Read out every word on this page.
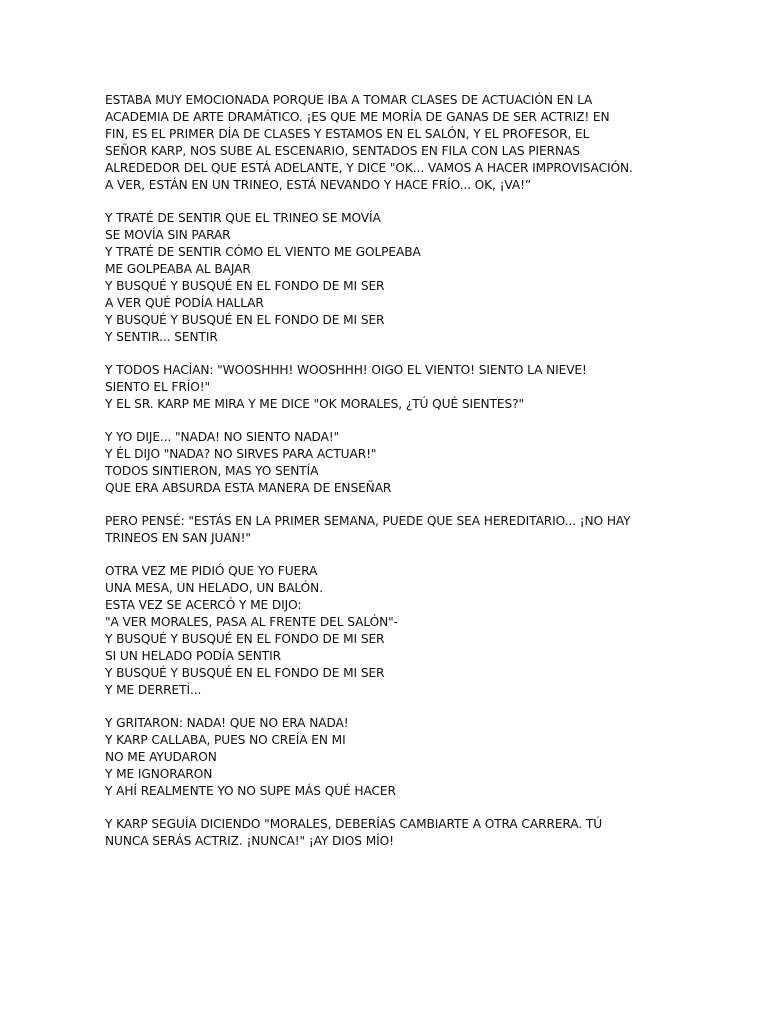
ESTABA MUY EMOCIONADA PORQUE IBA A TOMAR CLASES DE ACTUACIÓN EN LA
ACADEMIA DE ARTE DRAMÁTICO. ¡ES QUE ME MORÍA DE GANAS DE SER ACTRIZ! EN
FIN, ES EL PRIMER DÍA DE CLASES Y ESTAMOS EN EL SALÓN, Y EL PROFESOR, EL
SEÑOR KARP, NOS SUBE AL ESCENARIO, SENTADOS EN FILA CON LAS PIERNAS
ALREDEDOR DEL QUE ESTÁ ADELANTE, Y DICE "OK... VAMOS A HACER IMPROVISACIÓN.
A VER, ESTÁN EN UN TRINEO, ESTÁ NEVANDO Y HACE FRÍO... OK, ¡VA!”
Y TRATÉ DE SENTIR QUE EL TRINEO SE MOVÍA
SE MOVÍA SIN PARAR
Y TRATÉ DE SENTIR CÓMO EL VIENTO ME GOLPEABA
ME GOLPEABA AL BAJAR
Y BUSQUÉ Y BUSQUÉ EN EL FONDO DE MI SER
A VER QUÉ PODÍA HALLAR
Y BUSQUÉ Y BUSQUÉ EN EL FONDO DE MI SER
Y SENTIR... SENTIR
Y TODOS HACÍAN: "WOOSHHH! WOOSHHH! OIGO EL VIENTO! SIENTO LA NIEVE!
SIENTO EL FRÍO!"
Y EL SR. KARP ME MIRA Y ME DICE "OK MORALES, ¿TÚ QUÉ SIENTES?"
Y YO DIJE... "NADA! NO SIENTO NADA!"
Y ÉL DIJO "NADA? NO SIRVES PARA ACTUAR!"
TODOS SINTIERON, MAS YO SENTÍA
QUE ERA ABSURDA ESTA MANERA DE ENSEÑAR
PERO PENSÉ: "ESTÁS EN LA PRIMER SEMANA, PUEDE QUE SEA HEREDITARIO... ¡NO HAY
TRINEOS EN SAN JUAN!"
OTRA VEZ ME PIDIÓ QUE YO FUERA
UNA MESA, UN HELADO, UN BALÓN.
ESTA VEZ SE ACERCÓ Y ME DIJO:
"A VER MORALES, PASA AL FRENTE DEL SALÓN"-
Y BUSQUÉ Y BUSQUÉ EN EL FONDO DE MI SER
SI UN HELADO PODÍA SENTIR
Y BUSQUÉ Y BUSQUÉ EN EL FONDO DE MI SER
Y ME DERRETÍ...
Y GRITARON: NADA! QUE NO ERA NADA!
Y KARP CALLABA, PUES NO CREÍA EN MI
NO ME AYUDARON
Y ME IGNORARON
Y AHÍ REALMENTE YO NO SUPE MÁS QUÉ HACER
Y KARP SEGUÍA DICIENDO "MORALES, DEBERÍAS CAMBIARTE A OTRA CARRERA. TÚ
NUNCA SERÁS ACTRIZ. ¡NUNCA!" ¡AY DIOS MÍO!
